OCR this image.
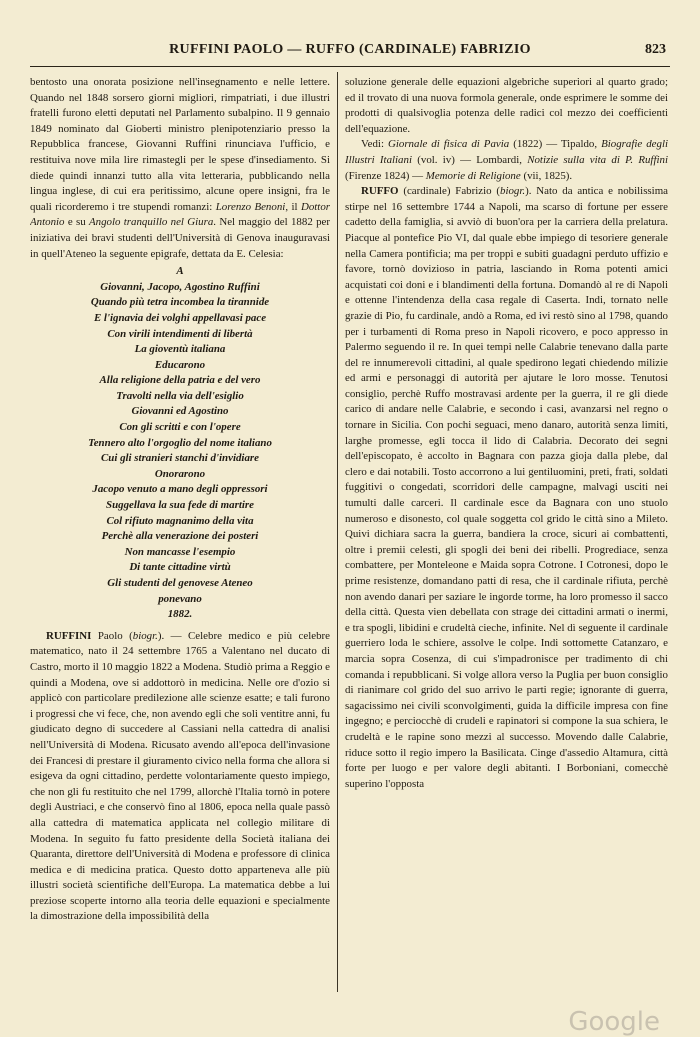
RUFFINI PAOLO — RUFFO (CARDINALE) FABRIZIO	823

bentosto una onorata posizione nell'insegnamento e nelle lettere. Quando nel 1848 sorsero giorni migliori, rimpatriati, i due illustri fratelli furono eletti deputati nel Parlamento subalpino. Il 9 gennaio 1849 nominato dal Gioberti ministro plenipotenziario presso la Repubblica francese, Giovanni Ruffini rinunciava l'ufficio, e restituiva nove mila lire rimastegli per le spese d'insediamento. Si diede quindi innanzi tutto alla vita letteraria, pubblicando nella lingua inglese, di cui era peritissimo, alcune opere insigni, fra le quali ricorderemo i tre stupendi romanzi: Lorenzo Benoni, il Dottor Antonio e su Angolo tranquillo nel Giura. Nel maggio del 1882 per iniziativa dei bravi studenti dell'Università di Genova inauguravasi in quell'Ateneo la seguente epigrafe, dettata da E. Celesia:

A
Giovanni, Jacopo, Agostino Ruffini
Quando più tetra incombea la tirannide
E l'ignavia dei volghi appellavasi pace
Con virili intendimenti di libertà
La gioventù italiana
Educarono
Alla religione della patria e del vero
Travolti nella via dell'esiglio
Giovanni ed Agostino
Con gli scritti e con l'opere
Tennero alto l'orgoglio del nome italiano
Cui gli stranieri stanchi d'invidiare
Onorarono
Jacopo venuto a mano degli oppressori
Suggellava la sua fede di martire
Col rifiuto magnanimo della vita
Perchè alla venerazione dei posteri
Non mancasse l'esempio
Di tante cittadine virtù
Gli studenti del genovese Ateneo
ponevano
1882.

RUFFINI Paolo (biogr.). — Celebre medico e più celebre matematico, nato il 24 settembre 1765 a Valentano nel ducato di Castro, morto il 10 maggio 1822 a Modena. Studiò prima a Reggio e quindi a Modena, ove si addottorò in medicina. Nelle ore d'ozio si applicò con particolare predilezione alle scienze esatte; e tali furono i progressi che vi fece, che, non avendo egli che soli ventitre anni, fu giudicato degno di succedere al Cassiani nella cattedra di analisi nell'Università di Modena. Ricusato avendo all'epoca dell'invasione dei Francesi di prestare il giuramento civico nella forma che allora si esigeva da ogni cittadino, perdette volontariamente questo impiego, che non gli fu restituito che nel 1799, allorchè l'Italia tornò in potere degli Austriaci, e che conservò fino al 1806, epoca nella quale passò alla cattedra di matematica applicata nel collegio militare di Modena. In seguito fu fatto presidente della Società italiana dei Quaranta, direttore dell'Università di Modena e professore di clinica medica e di medicina pratica. Questo dotto apparteneva alle più illustri società scientifiche dell'Europa. La matematica debbe a lui preziose scoperte intorno alla teoria delle equazioni e specialmente la dimostrazione della impossibilità della

soluzione generale delle equazioni algebriche superiori al quarto grado; ed il trovato di una nuova formola generale, onde esprimere le somme dei prodotti di qualsivoglia potenza delle radici col mezzo dei coefficienti dell'equazione.

Vedi: Giornale di fisica di Pavia (1822) — Tipaldo, Biografie degli Illustri Italiani (vol. iv) — Lombardi, Notizie sulla vita di P. Ruffini (Firenze 1824) — Memorie di Religione (vii, 1825).

RUFFO (cardinale) Fabrizio (biogr.). Nato da antica e nobilissima stirpe nel 16 settembre 1744 a Napoli, ma scarso di fortune per essere cadetto della famiglia, si avviò di buon'ora per la carriera della prelatura. Piacque al pontefice Pio VI, dal quale ebbe impiego di tesoriere generale nella Camera pontificia; ma per troppi e subiti guadagni perduto uffizio e favore, tornò dovizioso in patria, lasciando in Roma potenti amici acquistati coi doni e i blandimenti della fortuna. Domandò al re di Napoli e ottenne l'intendenza della casa regale di Caserta. Indi, tornato nelle grazie di Pio, fu cardinale, andò a Roma, ed ivi restò sino al 1798, quando per i turbamenti di Roma preso in Napoli ricovero, e poco appresso in Palermo seguendo il re. In quei tempi nelle Calabrie tenevano dalla parte del re innumerevoli cittadini, al quale spedirono legati chiedendo milizie ed armi e personaggi di autorità per ajutare le loro mosse. Tenutosi consiglio, perchè Ruffo mostravasi ardente per la guerra, il re gli diede carico di andare nelle Calabrie, e secondo i casi, avanzarsi nel regno o tornare in Sicilia. Con pochi seguaci, meno danaro, autorità senza limiti, larghe promesse, egli tocca il lido di Calabria. Decorato dei segni dell'episcopato, è accolto in Bagnara con pazza gioja dalla plebe, dal clero e dai notabili. Tosto accorrono a lui gentiluomini, preti, frati, soldati fuggitivi o congedati, scorridori delle campagne, malvagi usciti nei tumulti dalle carceri. Il cardinale esce da Bagnara con uno stuolo numeroso e disonesto, col quale soggetta col grido le città sino a Mileto. Quivi dichiara sacra la guerra, bandiera la croce, sicuri ai combattenti, oltre i premii celesti, gli spogli dei beni dei ribelli. Progrediace, senza combattere, per Monteleone e Maida sopra Cotrone. I Cotronesi, dopo le prime resistenze, domandano patti di resa, che il cardinale rifiuta, perchè non avendo danari per saziare le ingorde torme, ha loro promesso il sacco della città. Questa vien debellata con strage dei cittadini armati o inermi, e tra spogli, libidini e crudeltà cieche, infinite. Nel dì seguente il cardinale guerriero loda le schiere, assolve le colpe. Indi sottomette Catanzaro, e marcia sopra Cosenza, di cui s'impadronisce per tradimento di chi comanda i repubblicani. Si volge allora verso la Puglia per buon consiglio di rianimare col grido del suo arrivo le parti regie; ignorante di guerra, sagacissimo nei civili sconvolgimenti, guida la difficile impresa con fine ingegno; e perciocchè di crudeli e rapinatori si compone la sua schiera, le crudeltà e le rapine sono mezzi al successo. Movendo dalle Calabrie, riduce sotto il regio impero la Basilicata. Cinge d'assedio Altamura, città forte per luogo e per valore degli abitanti. I Borboniani, comecchè superino l'opposta

Google
